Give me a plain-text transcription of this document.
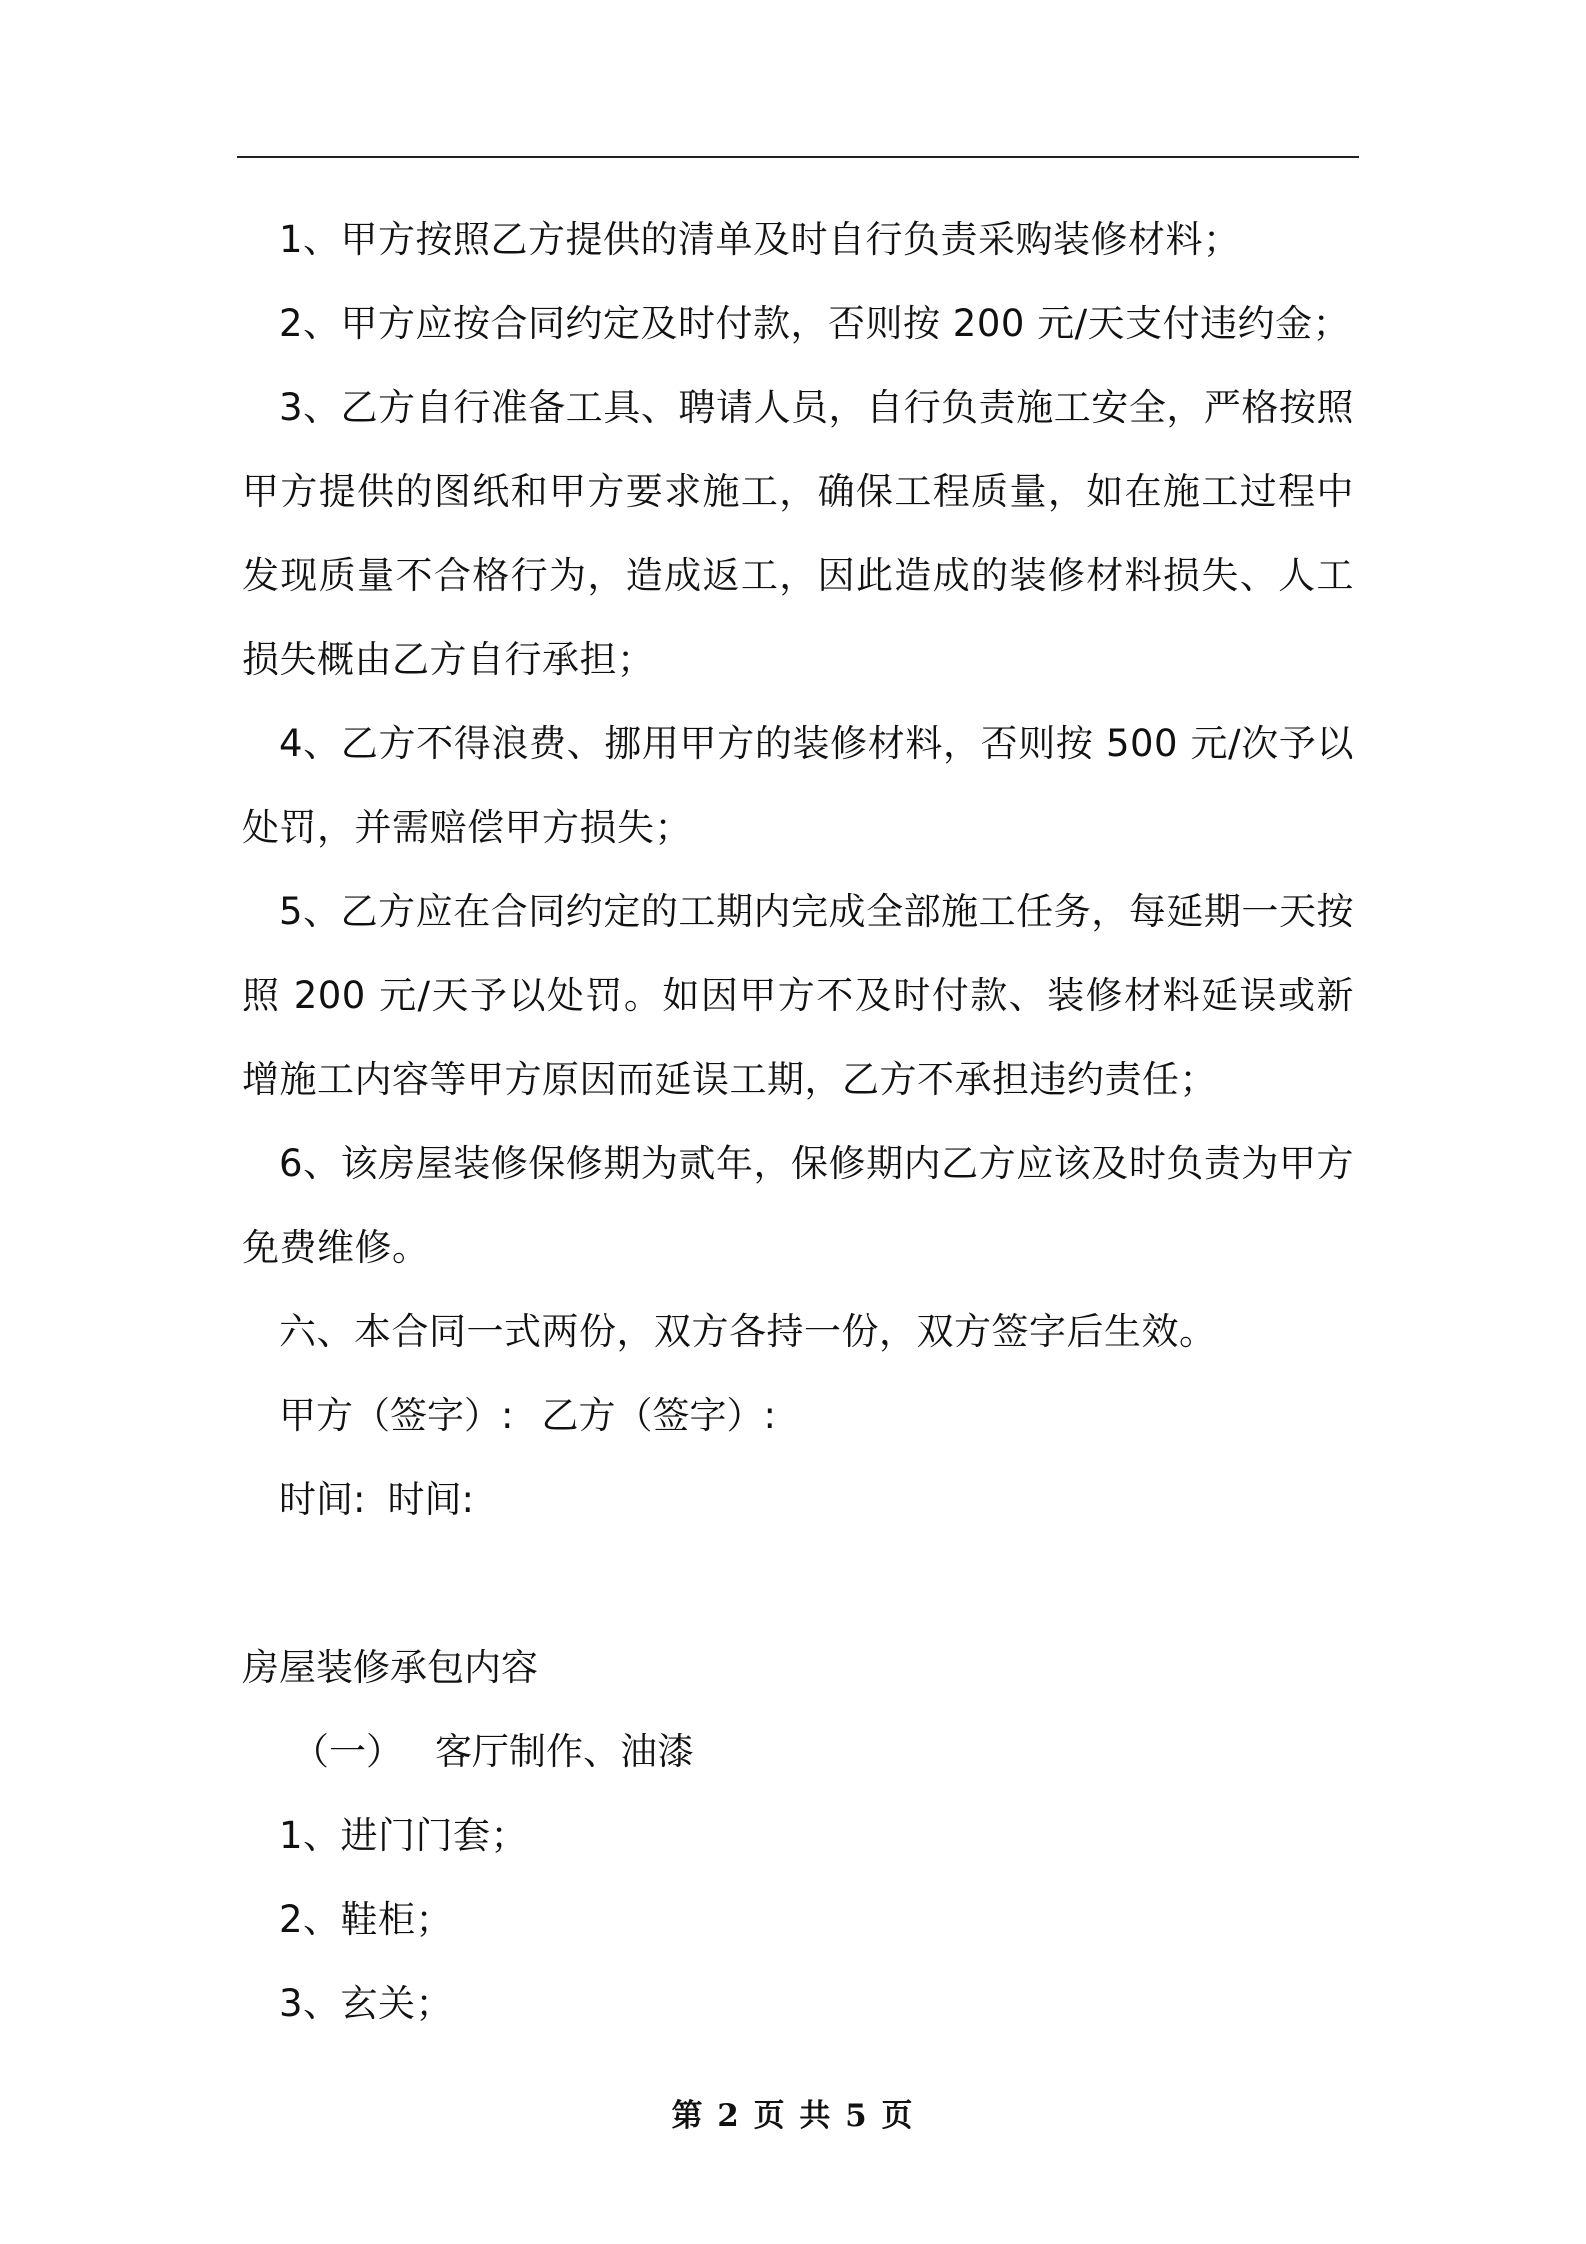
1、甲方按照乙方提供的清单及时自行负责采购装修材料；

2、甲方应按合同约定及时付款，否则按 200 元/天支付违约金；

3、乙方自行准备工具、聘请人员，自行负责施工安全，严格按照甲方提供的图纸和甲方要求施工，确保工程质量，如在施工过程中发现质量不合格行为，造成返工，因此造成的装修材料损失、人工损失概由乙方自行承担；

4、乙方不得浪费、挪用甲方的装修材料，否则按 500 元/次予以处罚，并需赔偿甲方损失；

5、乙方应在合同约定的工期内完成全部施工任务，每延期一天按照 200 元/天予以处罚。如因甲方不及时付款、装修材料延误或新增施工内容等甲方原因而延误工期，乙方不承担违约责任；

6、该房屋装修保修期为贰年，保修期内乙方应该及时负责为甲方免费维修。

六、本合同一式两份，双方各持一份，双方签字后生效。

甲方（签字）: 乙方（签字）:
时间: 时间:
房屋装修承包内容
（一） 客厅制作、油漆

1、进门门套；

2、鞋柜；

3、玄关；

第 2 页 共 5 页
